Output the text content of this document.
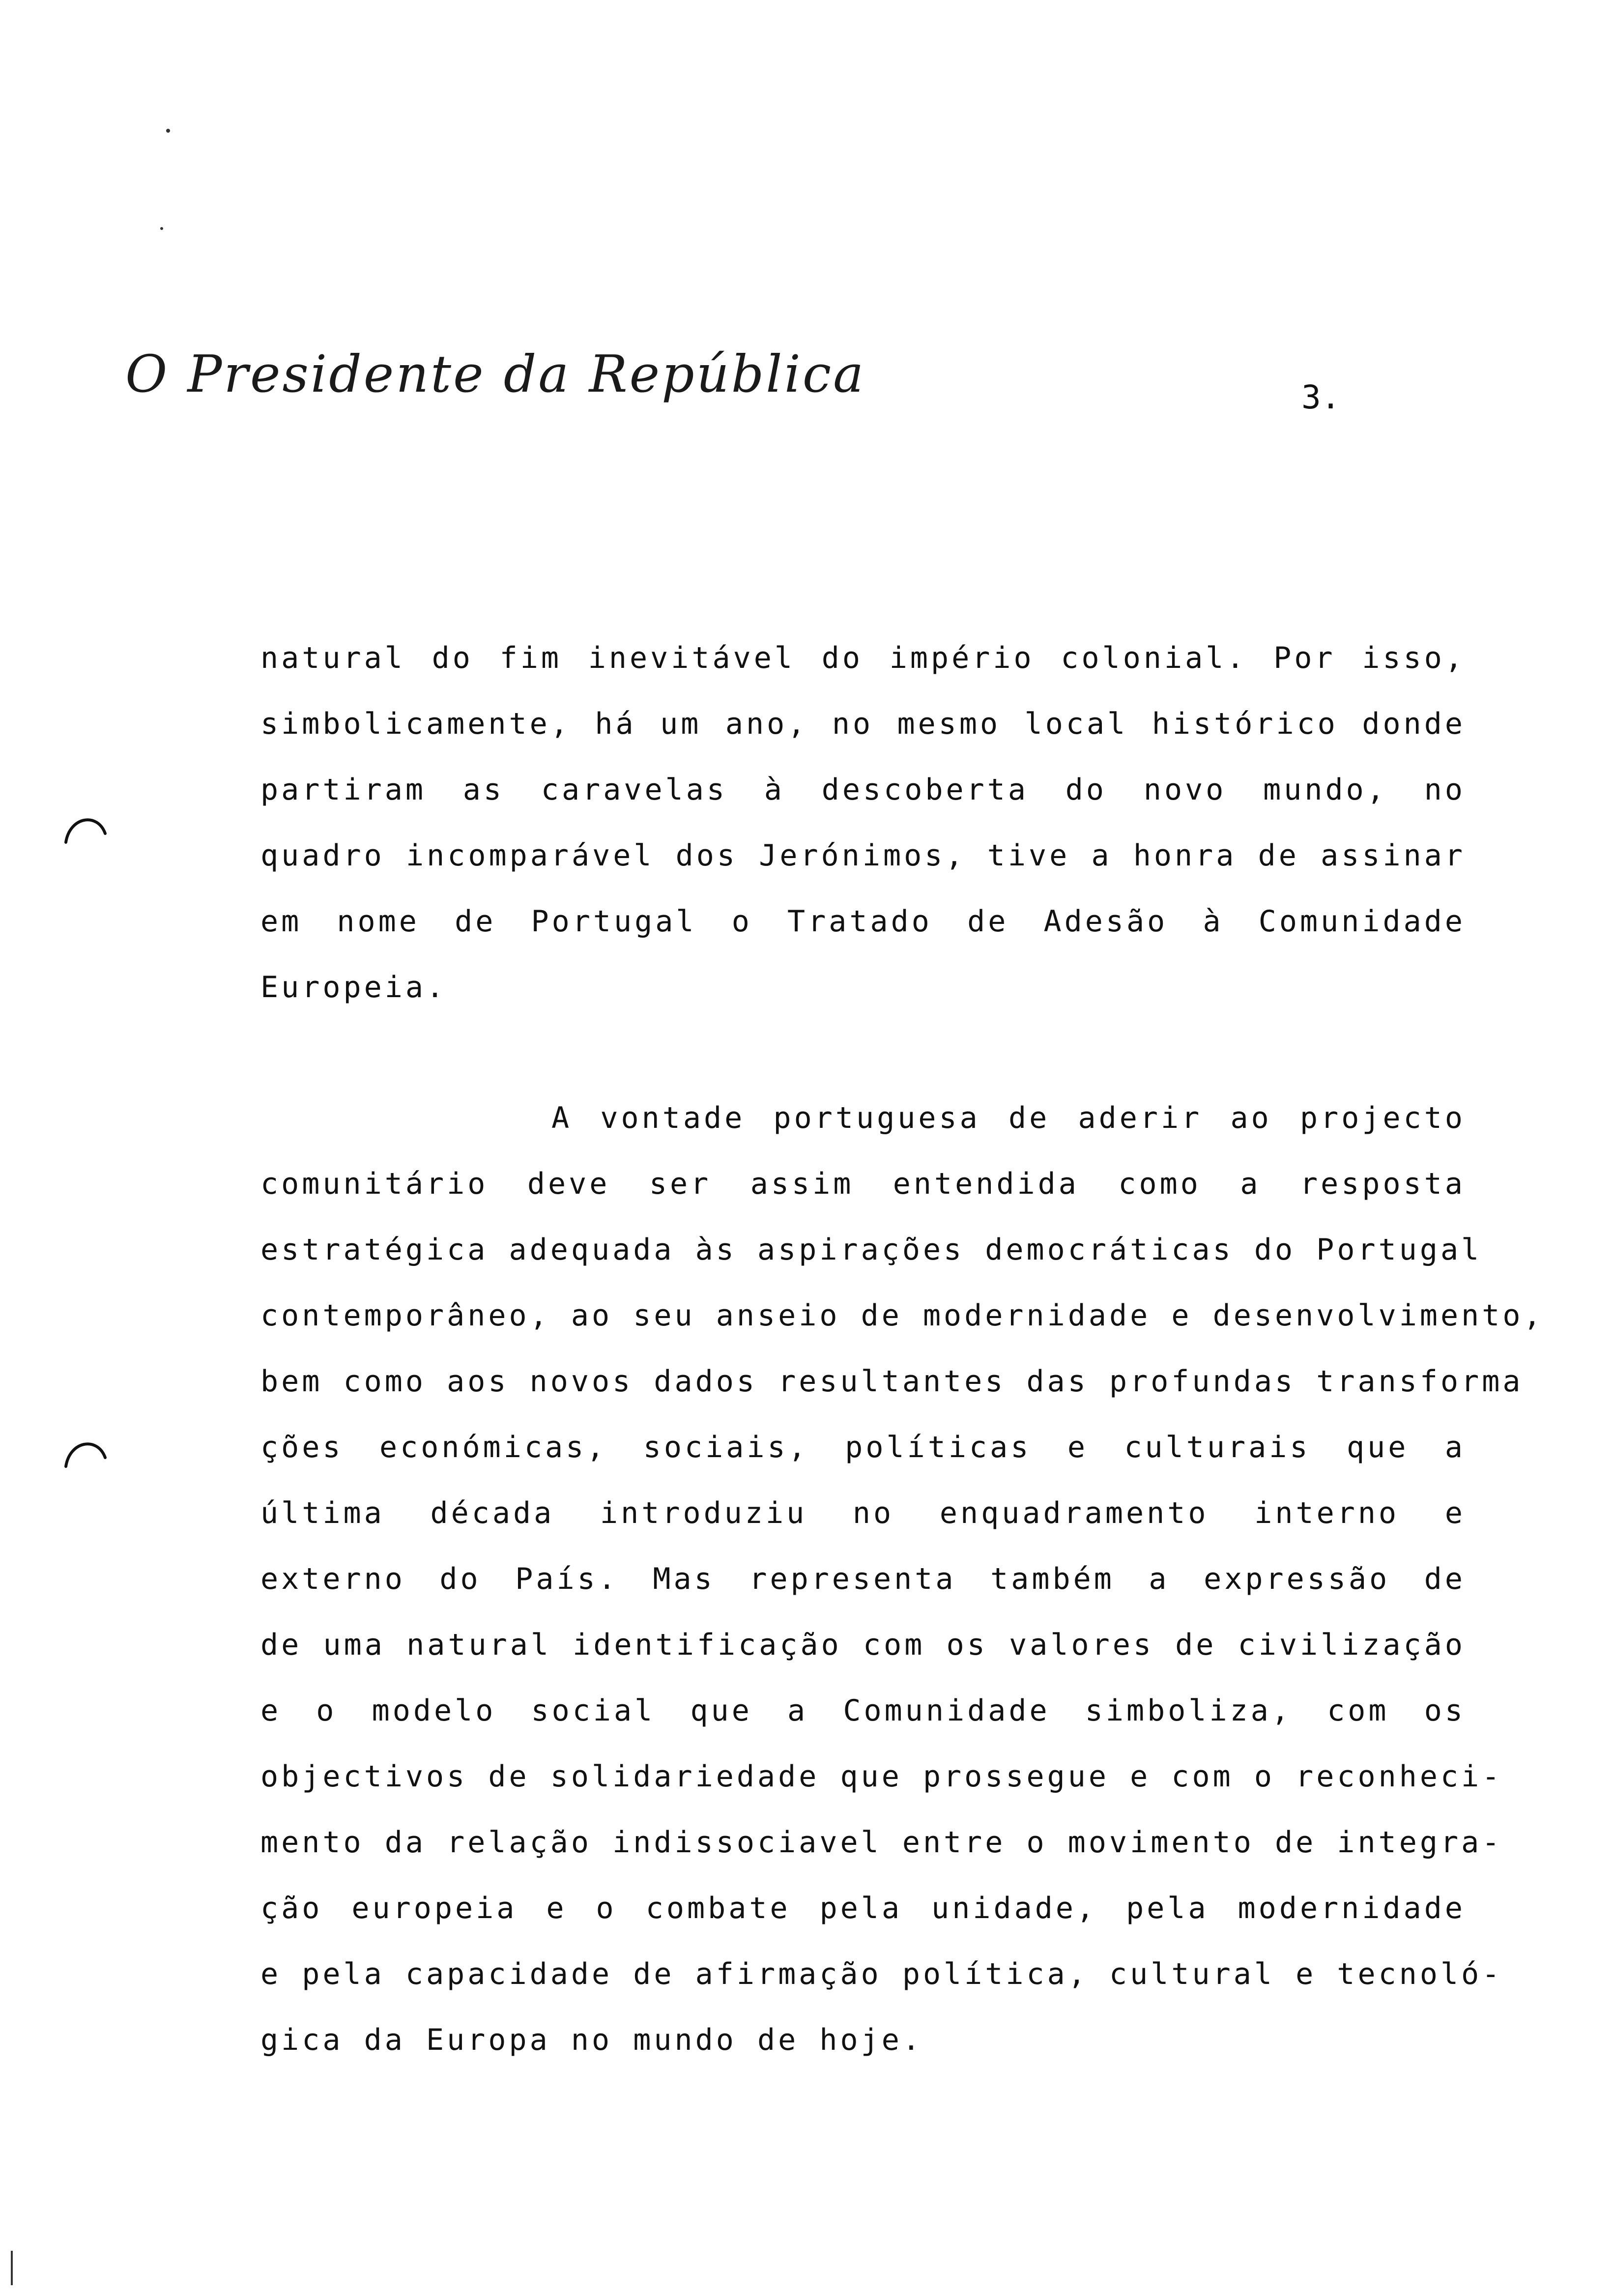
O Presidente da República	3.
natural do fim inevitável do império colonial. Por isso,
simbolicamente, há um ano, no mesmo local histórico donde
partiram as caravelas à descoberta do novo mundo, no
quadro incomparável dos Jerónimos, tive a honra de assinar
em nome de Portugal o Tratado de Adesão à Comunidade
Europeia.
A vontade portuguesa de aderir ao projecto
comunitário deve ser assim entendida como a resposta
estratégica adequada às aspirações democráticas do Portugal
contemporâneo, ao seu anseio de modernidade e desenvolvimento,
bem como aos novos dados resultantes das profundas transforma
ções económicas, sociais, políticas e culturais que a
última década introduziu no enquadramento interno e
externo do País. Mas representa também a expressão de
de uma natural identificação com os valores de civilização
e o modelo social que a Comunidade simboliza, com os
objectivos de solidariedade que prossegue e com o reconheci-
mento da relação indissociavel entre o movimento de integra-
ção europeia e o combate pela unidade, pela modernidade
e pela capacidade de afirmação política, cultural e tecnoló-
gica da Europa no mundo de hoje.
